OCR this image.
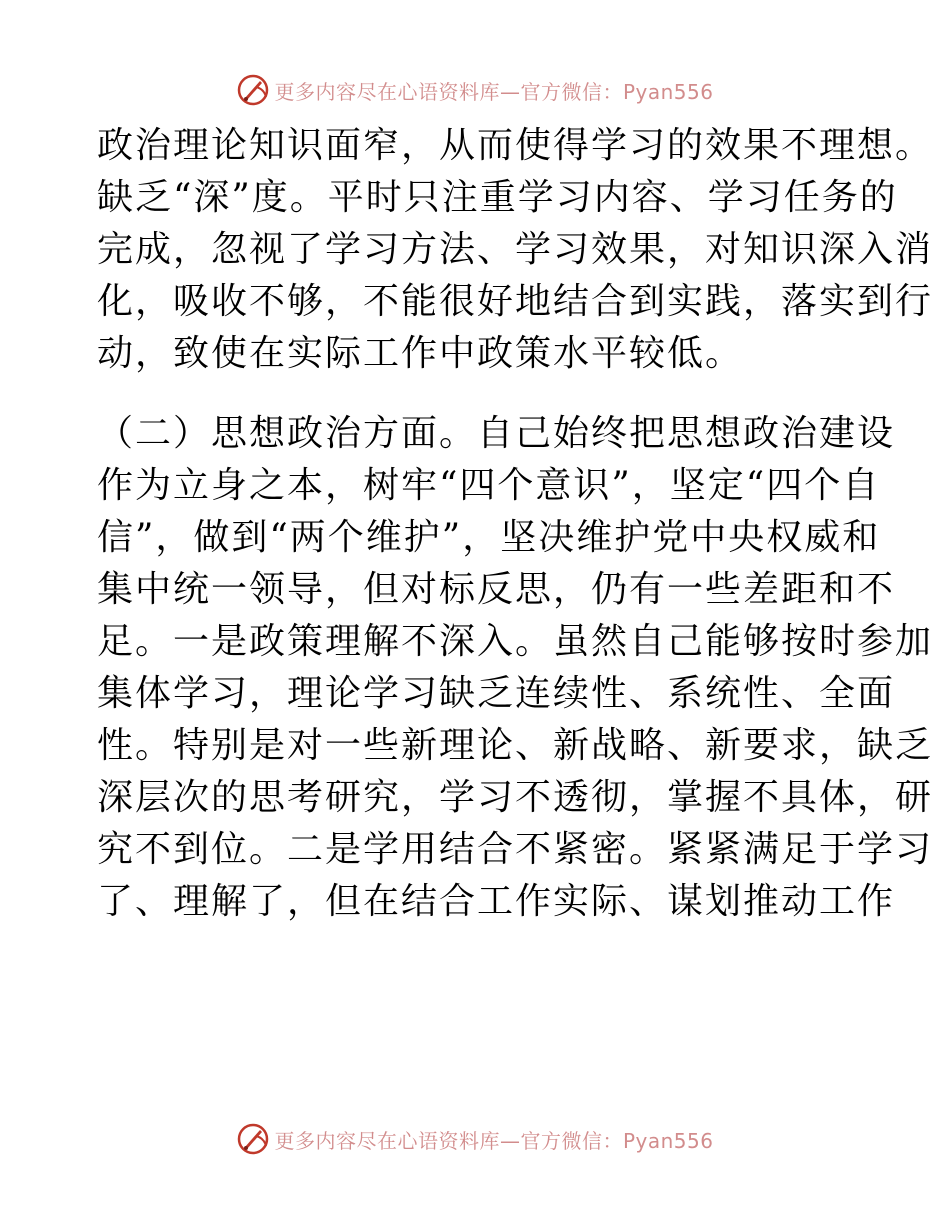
更多内容尽在心语资料库—官方微信：Pyan556
政治理论知识面窄，从而使得学习的效果不理想。
缺乏“深”度。平时只注重学习内容、学习任务的
完成，忽视了学习方法、学习效果，对知识深入消
化，吸收不够，不能很好地结合到实践，落实到行
动，致使在实际工作中政策水平较低。
（二）思想政治方面。自己始终把思想政治建设
作为立身之本，树牢“四个意识”，坚定“四个自
信”，做到“两个维护”，坚决维护党中央权威和
集中统一领导，但对标反思，仍有一些差距和不
足。一是政策理解不深入。虽然自己能够按时参加
集体学习，理论学习缺乏连续性、系统性、全面
性。特别是对一些新理论、新战略、新要求，缺乏
深层次的思考研究，学习不透彻，掌握不具体，研
究不到位。二是学用结合不紧密。紧紧满足于学习
了、理解了，但在结合工作实际、谋划推动工作
更多内容尽在心语资料库—官方微信：Pyan556
